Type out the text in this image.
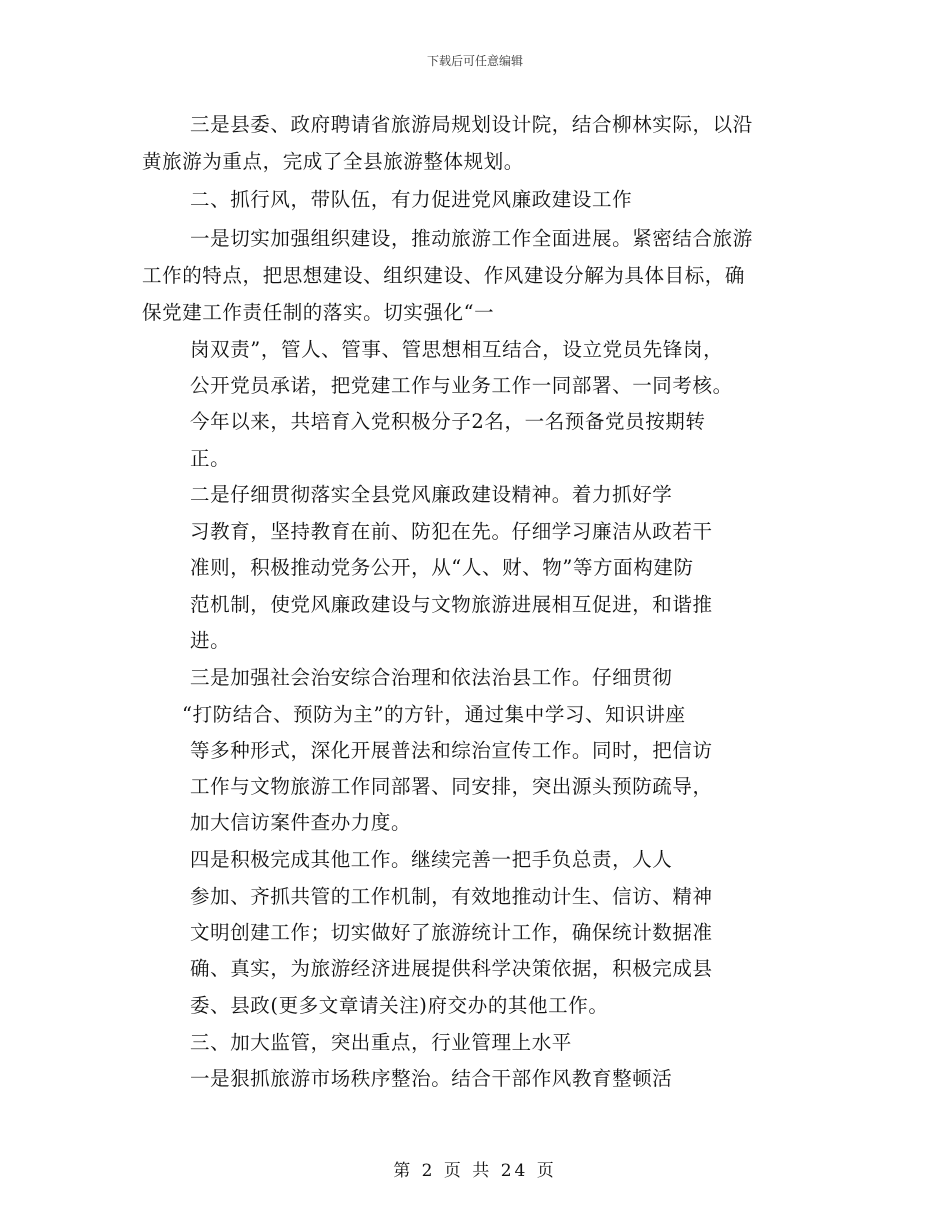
下载后可任意编辑
三是县委、政府聘请省旅游局规划设计院，结合柳林实际，以沿
黄旅游为重点，完成了全县旅游整体规划。
二、抓行风，带队伍，有力促进党风廉政建设工作
一是切实加强组织建设，推动旅游工作全面进展。紧密结合旅游
工作的特点，把思想建设、组织建设、作风建设分解为具体目标，确
保党建工作责任制的落实。切实强化“一
岗双责”，管人、管事、管思想相互结合，设立党员先锋岗，
公开党员承诺，把党建工作与业务工作一同部署、一同考核。
今年以来，共培育入党积极分子2名，一名预备党员按期转
正。
二是仔细贯彻落实全县党风廉政建设精神。着力抓好学
习教育，坚持教育在前、防犯在先。仔细学习廉洁从政若干
准则，积极推动党务公开，从“人、财、物”等方面构建防
范机制，使党风廉政建设与文物旅游进展相互促进，和谐推
进。
三是加强社会治安综合治理和依法治县工作。仔细贯彻
“打防结合、预防为主”的方针，通过集中学习、知识讲座
等多种形式，深化开展普法和综治宣传工作。同时，把信访
工作与文物旅游工作同部署、同安排，突出源头预防疏导，
加大信访案件查办力度。
四是积极完成其他工作。继续完善一把手负总责，人人
参加、齐抓共管的工作机制，有效地推动计生、信访、精神
文明创建工作；切实做好了旅游统计工作，确保统计数据准
确、真实，为旅游经济进展提供科学决策依据，积极完成县
委、县政(更多文章请关注)府交办的其他工作。
三、加大监管，突出重点，行业管理上水平
一是狠抓旅游市场秩序整治。结合干部作风教育整顿活
第 2 页 共 24 页
